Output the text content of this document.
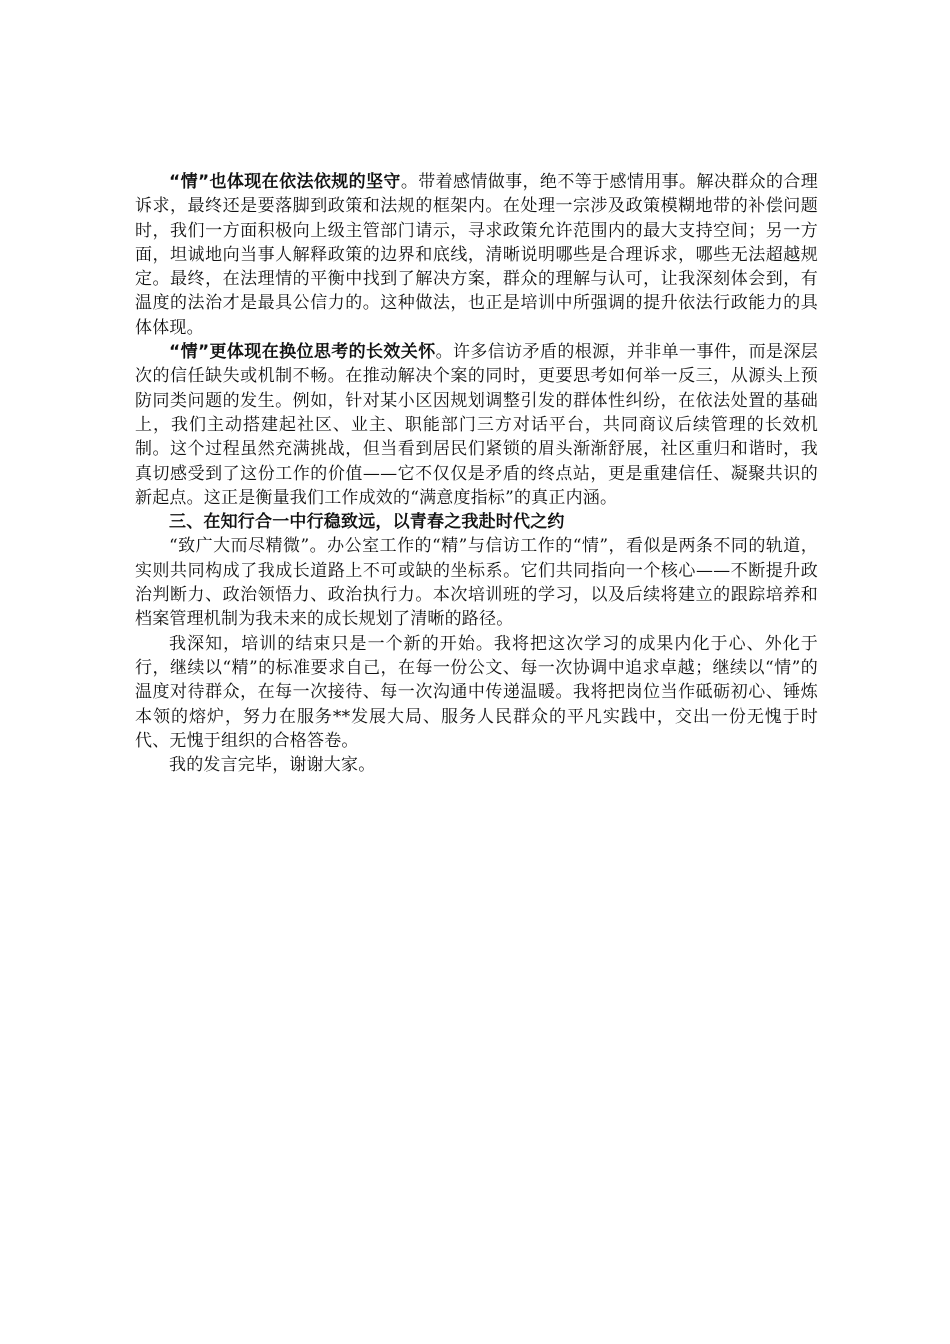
“情”也体现在依法依规的坚守。带着感情做事，绝不等于感情用事。解决群众的合理诉求，最终还是要落脚到政策和法规的框架内。在处理一宗涉及政策模糊地带的补偿问题时，我们一方面积极向上级主管部门请示，寻求政策允许范围内的最大支持空间；另一方面，坦诚地向当事人解释政策的边界和底线，清晰说明哪些是合理诉求，哪些无法超越规定。最终，在法理情的平衡中找到了解决方案，群众的理解与认可，让我深刻体会到，有温度的法治才是最具公信力的。这种做法，也正是培训中所强调的提升依法行政能力的具体体现。

“情”更体现在换位思考的长效关怀。许多信访矛盾的根源，并非单一事件，而是深层次的信任缺失或机制不畅。在推动解决个案的同时，更要思考如何举一反三，从源头上预防同类问题的发生。例如，针对某小区因规划调整引发的群体性纠纷，在依法处置的基础上，我们主动搭建起社区、业主、职能部门三方对话平台，共同商议后续管理的长效机制。这个过程虽然充满挑战，但当看到居民们紧锁的眉头渐渐舒展，社区重归和谐时，我真切感受到了这份工作的价值——它不仅仅是矛盾的终点站，更是重建信任、凝聚共识的新起点。这正是衡量我们工作成效的“满意度指标”的真正内涵。

三、在知行合一中行稳致远，以青春之我赴时代之约

“致广大而尽精微”。办公室工作的“精”与信访工作的“情”，看似是两条不同的轨道，实则共同构成了我成长道路上不可或缺的坐标系。它们共同指向一个核心——不断提升政治判断力、政治领悟力、政治执行力。本次培训班的学习，以及后续将建立的跟踪培养和档案管理机制为我未来的成长规划了清晰的路径。

我深知，培训的结束只是一个新的开始。我将把这次学习的成果内化于心、外化于行，继续以“精”的标准要求自己，在每一份公文、每一次协调中追求卓越；继续以“情”的温度对待群众，在每一次接待、每一次沟通中传递温暖。我将把岗位当作砥砺初心、锤炼本领的熔炉，努力在服务**发展大局、服务人民群众的平凡实践中，交出一份无愧于时代、无愧于组织的合格答卷。

我的发言完毕，谢谢大家。
